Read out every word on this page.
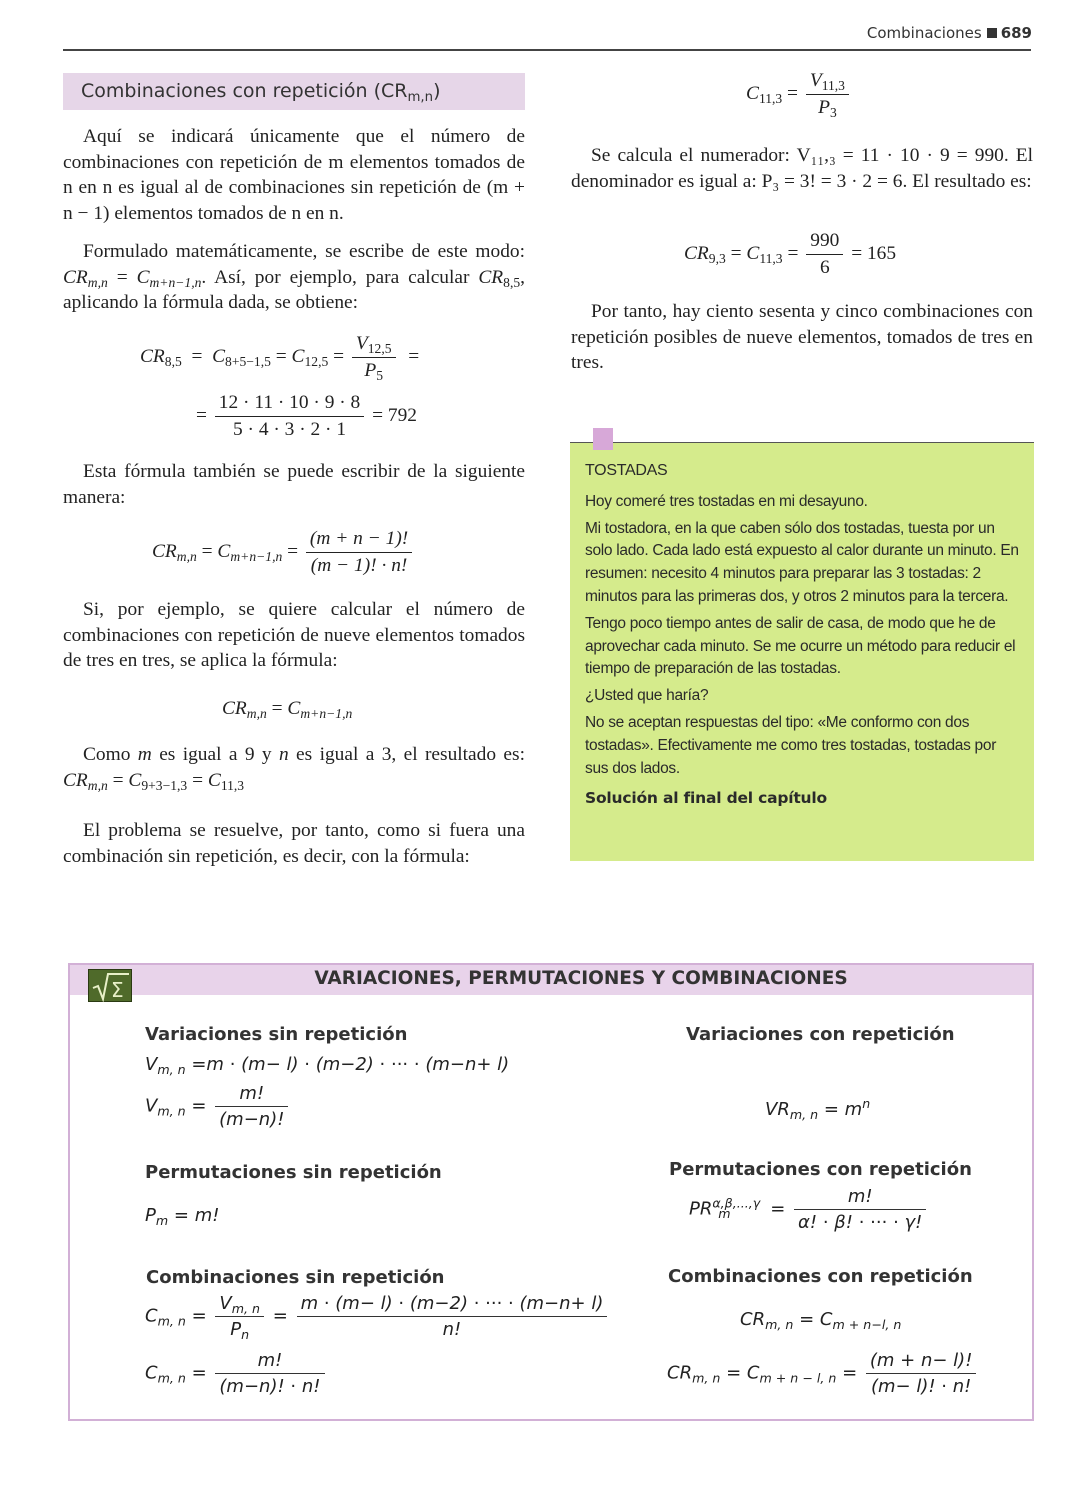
Combinaciones 689
Combinaciones con repetición $(CR_{m,n})$
Aquí se indicará únicamente que el número de combinaciones con repetición de m elementos tomados de n en n es igual al de combinaciones sin repetición de (m + n − 1) elementos tomados de n en n.
Formulado matemáticamente, se escribe de este modo: $CR_{m,n} = C_{m+n-1,n}$. Así, por ejemplo, para calcular $CR_{8,5}$, aplicando la fórmula dada, se obtiene:
$CR_{8,5} = C_{8+5-1,5} = C_{12,5} = \frac{V_{12,5}}{P_5}$ =
= $\frac{12 \cdot 11 \cdot 10 \cdot 9 \cdot 8}{5 \cdot 4 \cdot 3 \cdot 2 \cdot 1} = 792$
Esta fórmula también se puede escribir de la siguiente manera:
$CR_{m,n} = C_{m+n-1,n} = \frac{(m + n - 1)!}{(m - 1)! \cdot n!}$
Si, por ejemplo, se quiere calcular el número de combinaciones con repetición de nueve elementos tomados de tres en tres, se aplica la fórmula:
$CR_{m,n} = C_{m+n-1,n}$
Como m es igual a 9 y n es igual a 3, el resultado es: $CR_{m,n} = C_{9+3-1,3} = C_{11,3}$
El problema se resuelve, por tanto, como si fuera una combinación sin repetición, es decir, con la fórmula:
$C_{11,3} = \frac{V_{11,3}}{P_3}$
Se calcula el numerador: V₁₁,₃ = 11 · 10 · 9 = 990. El denominador es igual a: P₃ = 3! = 3 · 2 = 6. El resultado es:
$CR_{9,3} = C_{11,3} = \frac{990}{6} = 165$
Por tanto, hay ciento sesenta y cinco combinaciones con repetición posibles de nueve elementos, tomados de tres en tres.
TOSTADAS
Hoy comeré tres tostadas en mi desayuno.
Mi tostadora, en la que caben sólo dos tostadas, tuesta por un solo lado. Cada lado está expuesto al calor durante un minuto. En resumen: necesito 4 minutos para preparar las 3 tostadas: 2 minutos para las primeras dos, y otros 2 minutos para la tercera.
Tengo poco tiempo antes de salir de casa, de modo que he de aprovechar cada minuto. Se me ocurre un método para reducir el tiempo de preparación de las tostadas.
¿Usted que haría?
No se aceptan respuestas del tipo: «Me conformo con dos tostadas». Efectivamente me como tres tostadas, tostadas por sus dos lados.
Solución al final del capítulo
VARIACIONES, PERMUTACIONES Y COMBINACIONES
Σ
Variaciones sin repetición
$V_{m, n} =m \cdot (m- l) \cdot (m-2)$ · ··· · (m−n+ l)
$V_{m, n} = \frac{m!}{(m-n)!}$
Variaciones con repetición
$VR_{m, n} = m^n$
Permutaciones sin repetición
$P_m = m$!
Permutaciones con repetición
$PR^{\alpha,\beta,...,\gamma}_m = \frac{m!}{\alpha! \cdot \beta! \cdot \cdot\cdot\cdot \cdot \gamma!}$
Combinaciones sin repetición
$C_{m, n} = \frac{V_{m, n}}{P_n} = \frac{m \cdot (m- l) \cdot (m-2) \cdot \cdot\cdot\cdot \cdot (m-n+ l)}{n!}$
$C_{m, n} = \frac{m!}{(m-n)! \cdot n!}$
Combinaciones con repetición
$CR_{m, n} = C_{m + n-l, n}$
$CR_{m, n} = C_{m + n - l, n} = \frac{(m + n- l)!}{(m- l)! \cdot n!}$
